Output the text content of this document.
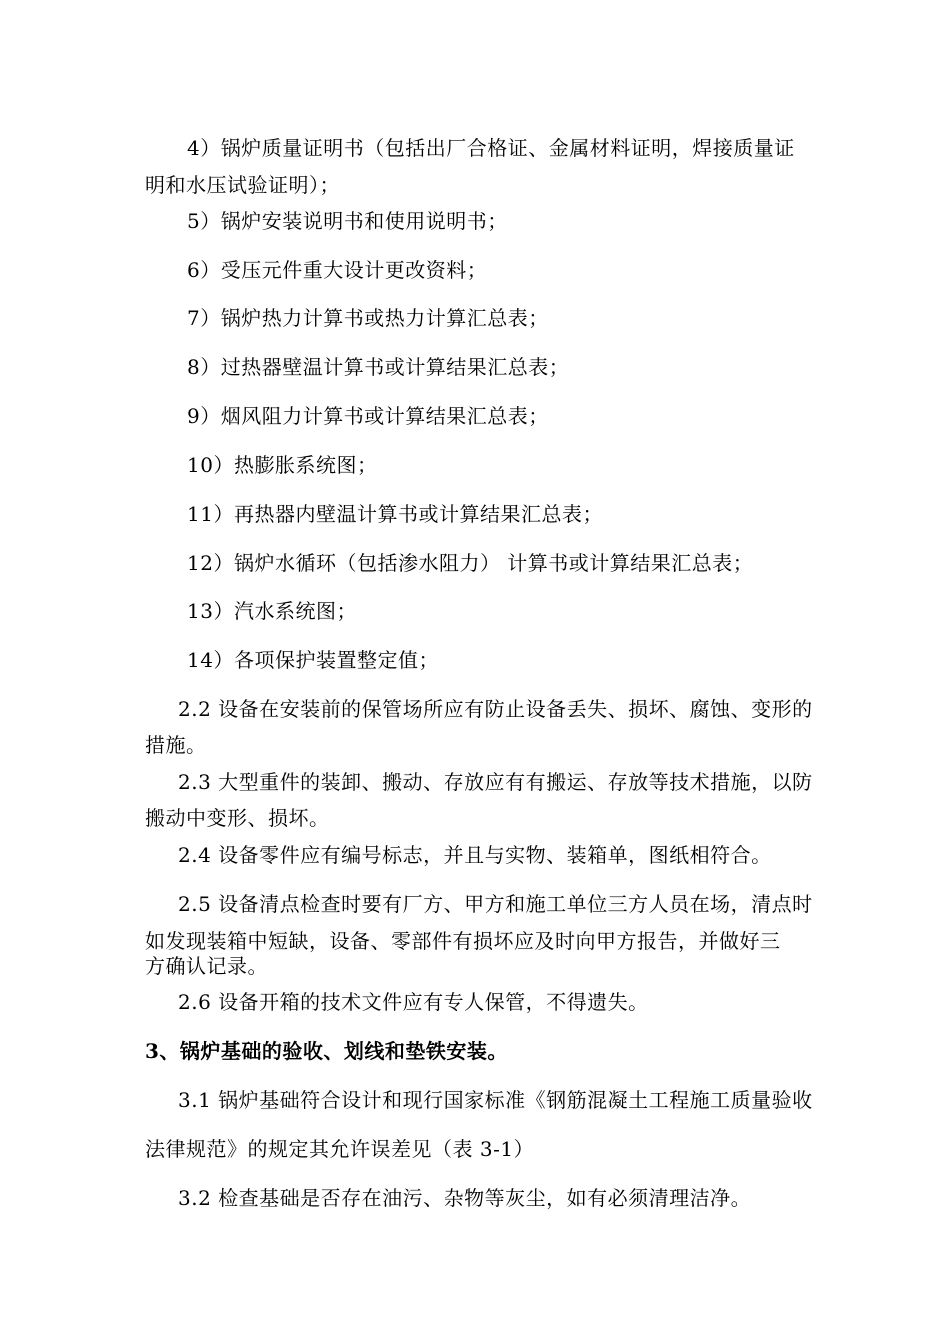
4）锅炉质量证明书（包括出厂合格证、金属材料证明，焊接质量证
明和水压试验证明）；
5）锅炉安装说明书和使用说明书；
6）受压元件重大设计更改资料；
7）锅炉热力计算书或热力计算汇总表；
8）过热器壁温计算书或计算结果汇总表；
9）烟风阻力计算书或计算结果汇总表；
10）热膨胀系统图；
11）再热器内壁温计算书或计算结果汇总表；
12）锅炉水循环（包括渗水阻力） 计算书或计算结果汇总表；
13）汽水系统图；
14）各项保护装置整定值；
2.2 设备在安装前的保管场所应有防止设备丢失、损坏、腐蚀、变形的
措施。
2.3 大型重件的装卸、搬动、存放应有有搬运、存放等技术措施，以防
搬动中变形、损坏。
2.4 设备零件应有编号标志，并且与实物、装箱单，图纸相符合。
2.5 设备清点检查时要有厂方、甲方和施工单位三方人员在场，清点时
如发现装箱中短缺，设备、零部件有损坏应及时向甲方报告，并做好三
方确认记录。
2.6 设备开箱的技术文件应有专人保管，不得遗失。
3、锅炉基础的验收、划线和垫铁安装。
3.1 锅炉基础符合设计和现行国家标准《钢筋混凝土工程施工质量验收
法律规范》的规定其允许误差见（表 3-1）
3.2 检查基础是否存在油污、杂物等灰尘，如有必须清理洁净。
